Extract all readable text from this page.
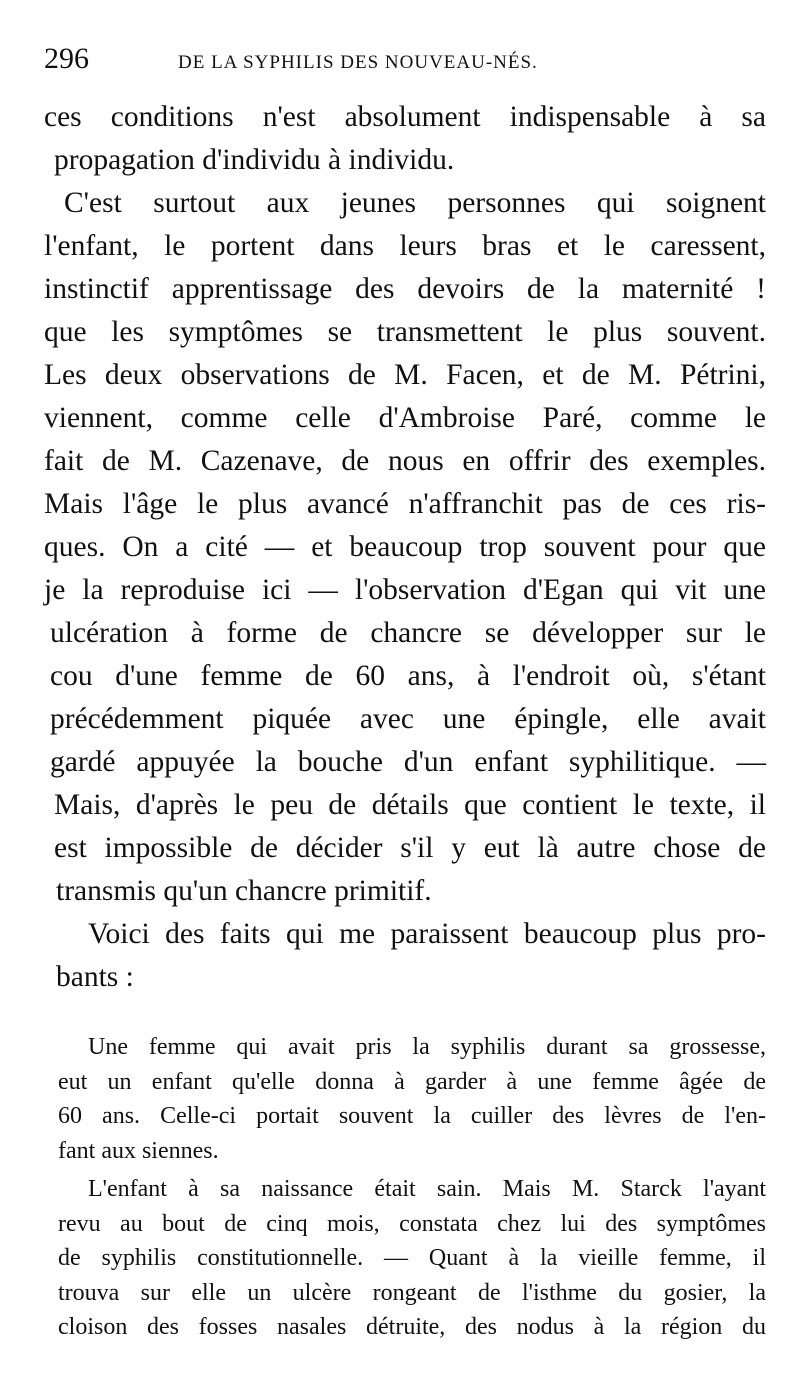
296	DE LA SYPHILIS DES NOUVEAU-NÉS.
ces conditions n'est absolument indispensable à sa
propagation d'individu à individu.
C'est surtout aux jeunes personnes qui soignent
l'enfant, le portent dans leurs bras et le caressent,
instinctif apprentissage des devoirs de la maternité !
que les symptômes se transmettent le plus souvent.
Les deux observations de M. Facen, et de M. Pétrini,
viennent, comme celle d'Ambroise Paré, comme le
fait de M. Cazenave, de nous en offrir des exemples.
Mais l'âge le plus avancé n'affranchit pas de ces ris-
ques. On a cité — et beaucoup trop souvent pour que
je la reproduise ici — l'observation d'Egan qui vit une
ulcération à forme de chancre se développer sur le
cou d'une femme de 60 ans, à l'endroit où, s'étant
précédemment piquée avec une épingle, elle avait
gardé appuyée la bouche d'un enfant syphilitique. —
Mais, d'après le peu de détails que contient le texte, il
est impossible de décider s'il y eut là autre chose de
transmis qu'un chancre primitif.
Voici des faits qui me paraissent beaucoup plus pro-
bants :
Une femme qui avait pris la syphilis durant sa grossesse,
eut un enfant qu'elle donna à garder à une femme âgée de
60 ans. Celle-ci portait souvent la cuiller des lèvres de l'en-
fant aux siennes.
L'enfant à sa naissance était sain. Mais M. Starck l'ayant
revu au bout de cinq mois, constata chez lui des symptômes
de syphilis constitutionnelle. — Quant à la vieille femme, il
trouva sur elle un ulcère rongeant de l'isthme du gosier, la
cloison des fosses nasales détruite, des nodus à la région du
